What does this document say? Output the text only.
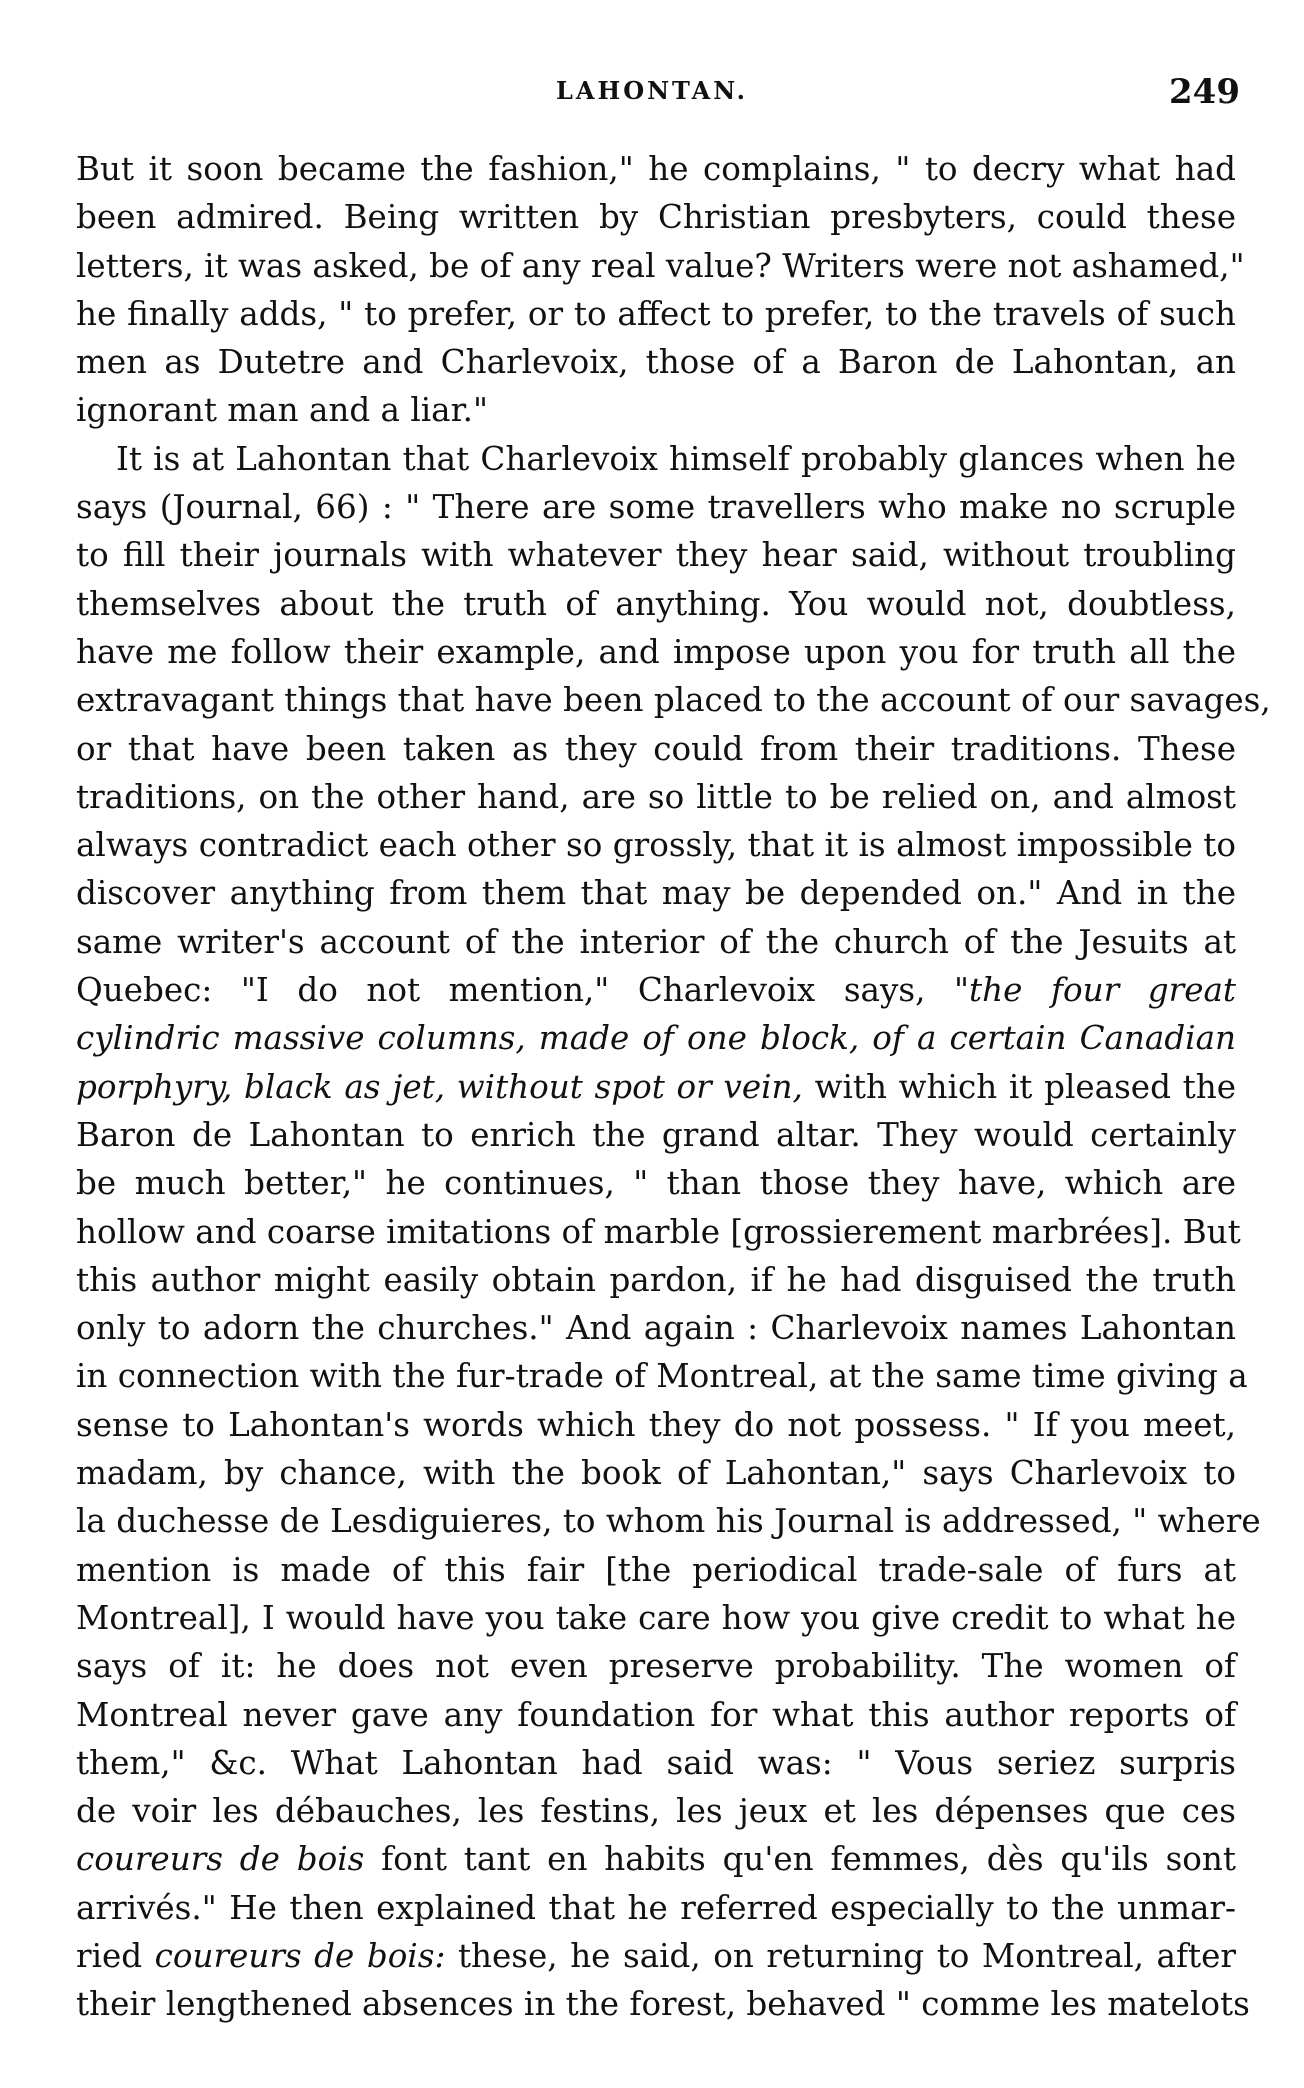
LAHONTAN.	249
But it soon became the fashion," he complains, " to decry what had
been admired. Being written by Christian presbyters, could these
letters, it was asked, be of any real value? Writers were not ashamed,"
he finally adds, " to prefer, or to affect to prefer, to the travels of such
men as Dutetre and Charlevoix, those of a Baron de Lahontan, an
ignorant man and a liar."
It is at Lahontan that Charlevoix himself probably glances when he
says (Journal, 66) : " There are some travellers who make no scruple
to fill their journals with whatever they hear said, without troubling
themselves about the truth of anything. You would not, doubtless,
have me follow their example, and impose upon you for truth all the
extravagant things that have been placed to the account of our savages,
or that have been taken as they could from their traditions. These
traditions, on the other hand, are so little to be relied on, and almost
always contradict each other so grossly, that it is almost impossible to
discover anything from them that may be depended on." And in the
same writer's account of the interior of the church of the Jesuits at
Quebec: "I do not mention," Charlevoix says, "the four great
cylindric massive columns, made of one block, of a certain Canadian
porphyry, black as jet, without spot or vein, with which it pleased the
Baron de Lahontan to enrich the grand altar. They would certainly
be much better," he continues, " than those they have, which are
hollow and coarse imitations of marble [grossierement marbrées]. But
this author might easily obtain pardon, if he had disguised the truth
only to adorn the churches." And again : Charlevoix names Lahontan
in connection with the fur-trade of Montreal, at the same time giving a
sense to Lahontan's words which they do not possess. " If you meet,
madam, by chance, with the book of Lahontan," says Charlevoix to
la duchesse de Lesdiguieres, to whom his Journal is addressed, " where
mention is made of this fair [the periodical trade-sale of furs at
Montreal], I would have you take care how you give credit to what he
says of it: he does not even preserve probability. The women of
Montreal never gave any foundation for what this author reports of
them," &c. What Lahontan had said was: " Vous seriez surpris
de voir les débauches, les festins, les jeux et les dépenses que ces
coureurs de bois font tant en habits qu'en femmes, dès qu'ils sont
arrivés." He then explained that he referred especially to the unmar-
ried coureurs de bois: these, he said, on returning to Montreal, after
their lengthened absences in the forest, behaved " comme les matelots
